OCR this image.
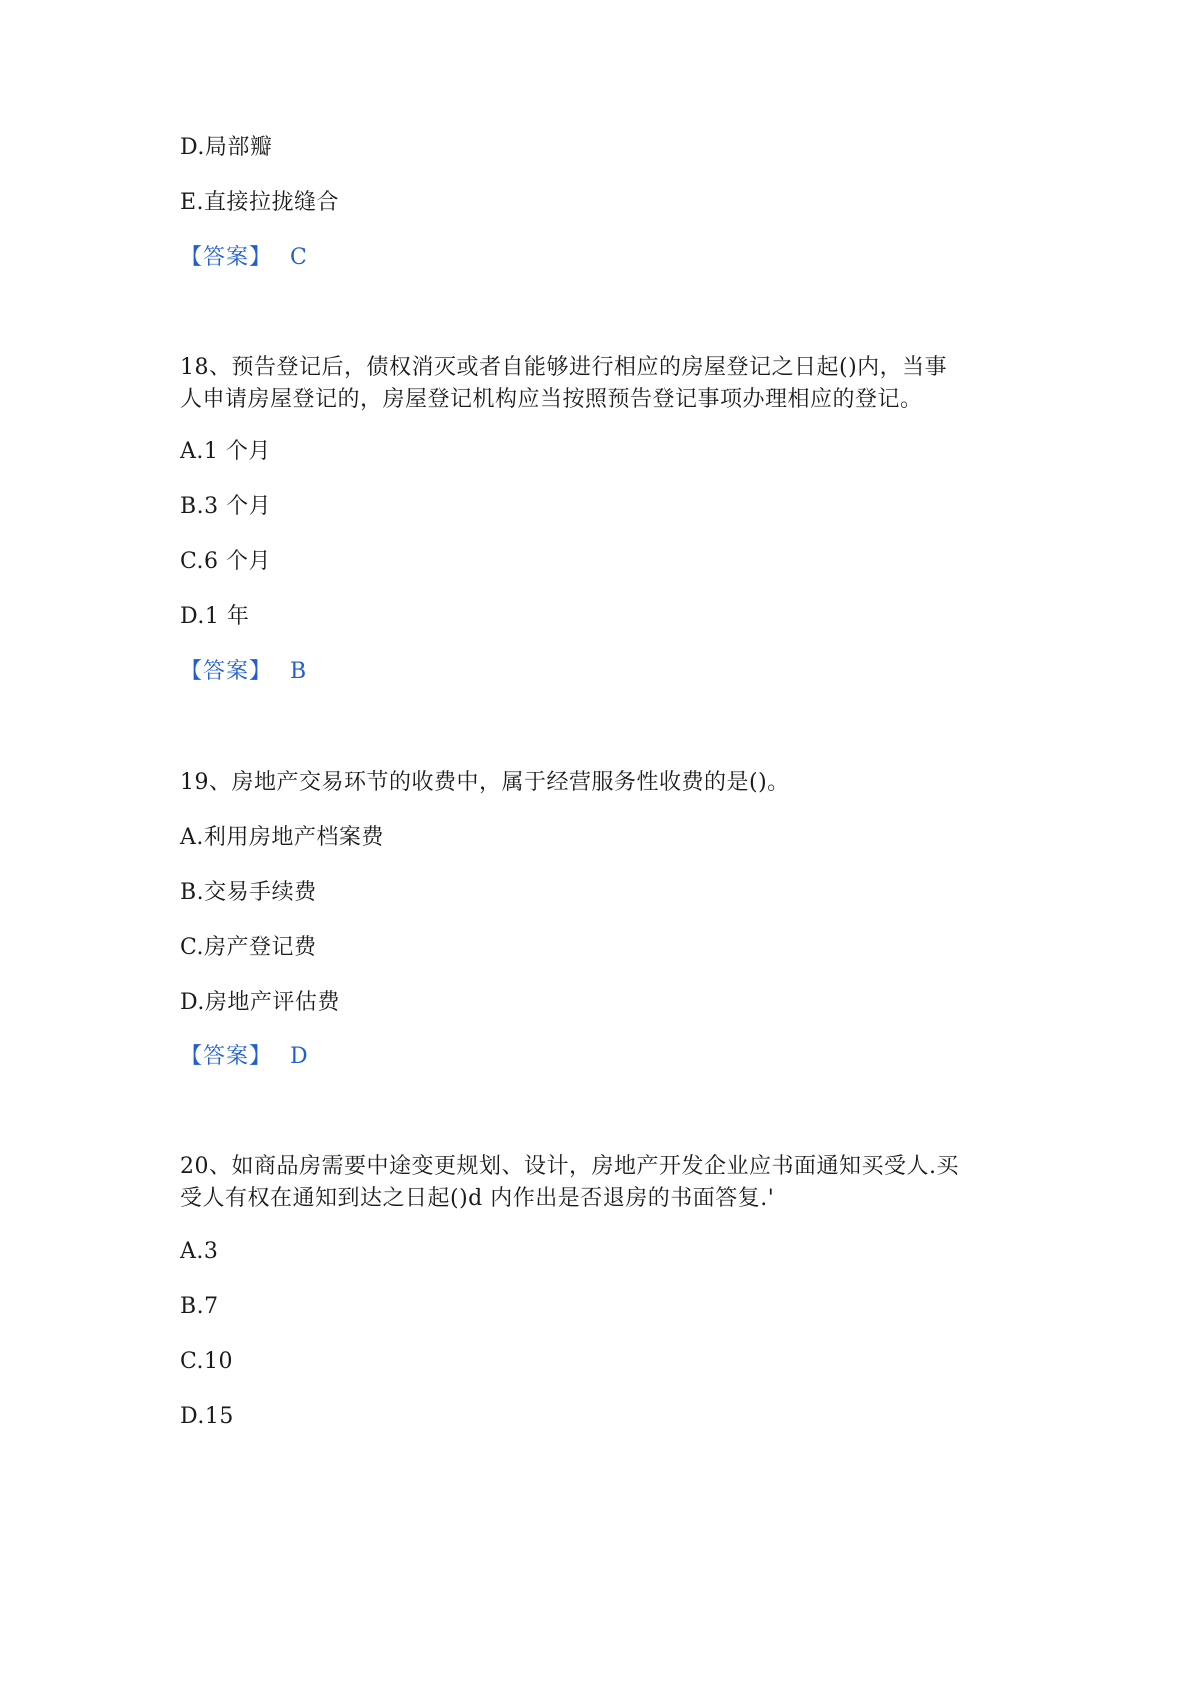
D.局部瓣
E.直接拉拢缝合
【答案】 C
18、预告登记后，债权消灭或者自能够进行相应的房屋登记之日起()内，当事
人申请房屋登记的，房屋登记机构应当按照预告登记事项办理相应的登记。
A.1 个月
B.3 个月
C.6 个月
D.1 年
【答案】 B
19、房地产交易环节的收费中，属于经营服务性收费的是()。
A.利用房地产档案费
B.交易手续费
C.房产登记费
D.房地产评估费
【答案】 D
20、如商品房需要中途变更规划、设计，房地产开发企业应书面通知买受人.买
受人有权在通知到达之日起()d 内作出是否退房的书面答复.'
A.3
B.7
C.10
D.15
